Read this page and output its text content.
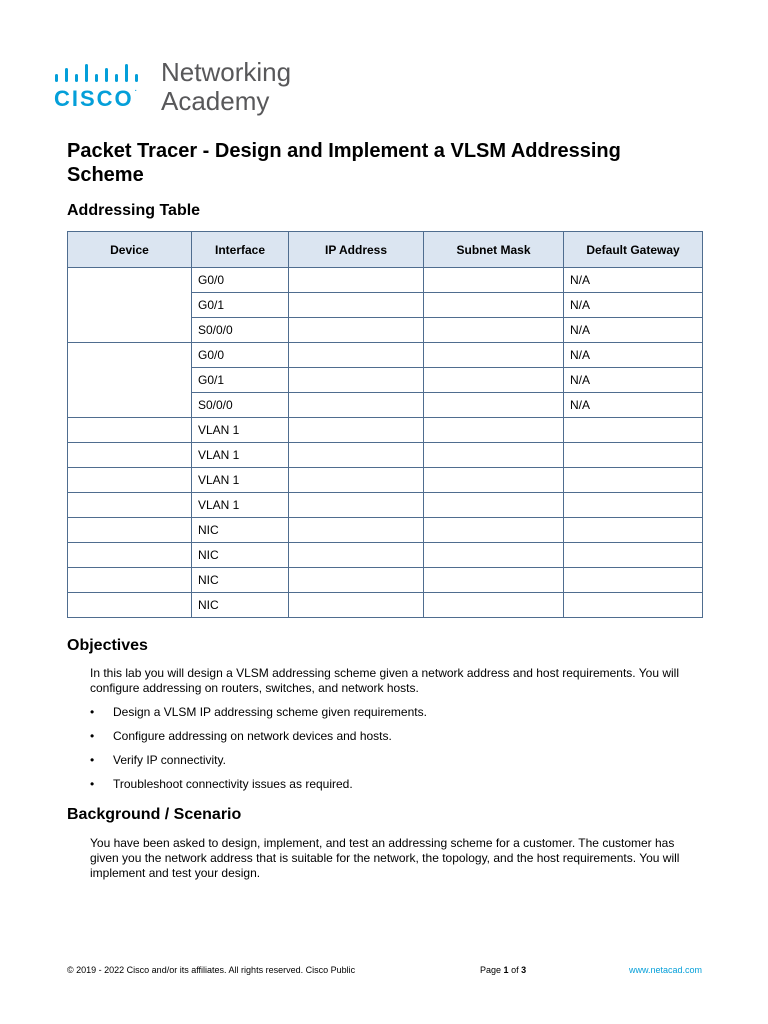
CISCO.
Networking
Academy
Packet Tracer - Design and Implement a VLSM Addressing Scheme
Addressing Table
Device	Interface	IP Address	Subnet Mask	Default Gateway
	G0/0			N/A
	G0/1			N/A
	S0/0/0			N/A
	G0/0			N/A
	G0/1			N/A
	S0/0/0			N/A
	VLAN 1			
	VLAN 1			
	VLAN 1			
	VLAN 1			
	NIC			
	NIC			
	NIC			
	NIC			
Objectives

In this lab you will design a VLSM addressing scheme given a network address and host requirements. You will configure addressing on routers, switches, and network hosts.

• Design a VLSM IP addressing scheme given requirements.
• Configure addressing on network devices and hosts.
• Verify IP connectivity.
• Troubleshoot connectivity issues as required.
Background / Scenario

You have been asked to design, implement, and test an addressing scheme for a customer. The customer has given you the network address that is suitable for the network, the topology, and the host requirements. You will implement and test your design.

© 2019 - 2022 Cisco and/or its affiliates. All rights reserved. Cisco Public	Page 1 of 3	www.netacad.com
